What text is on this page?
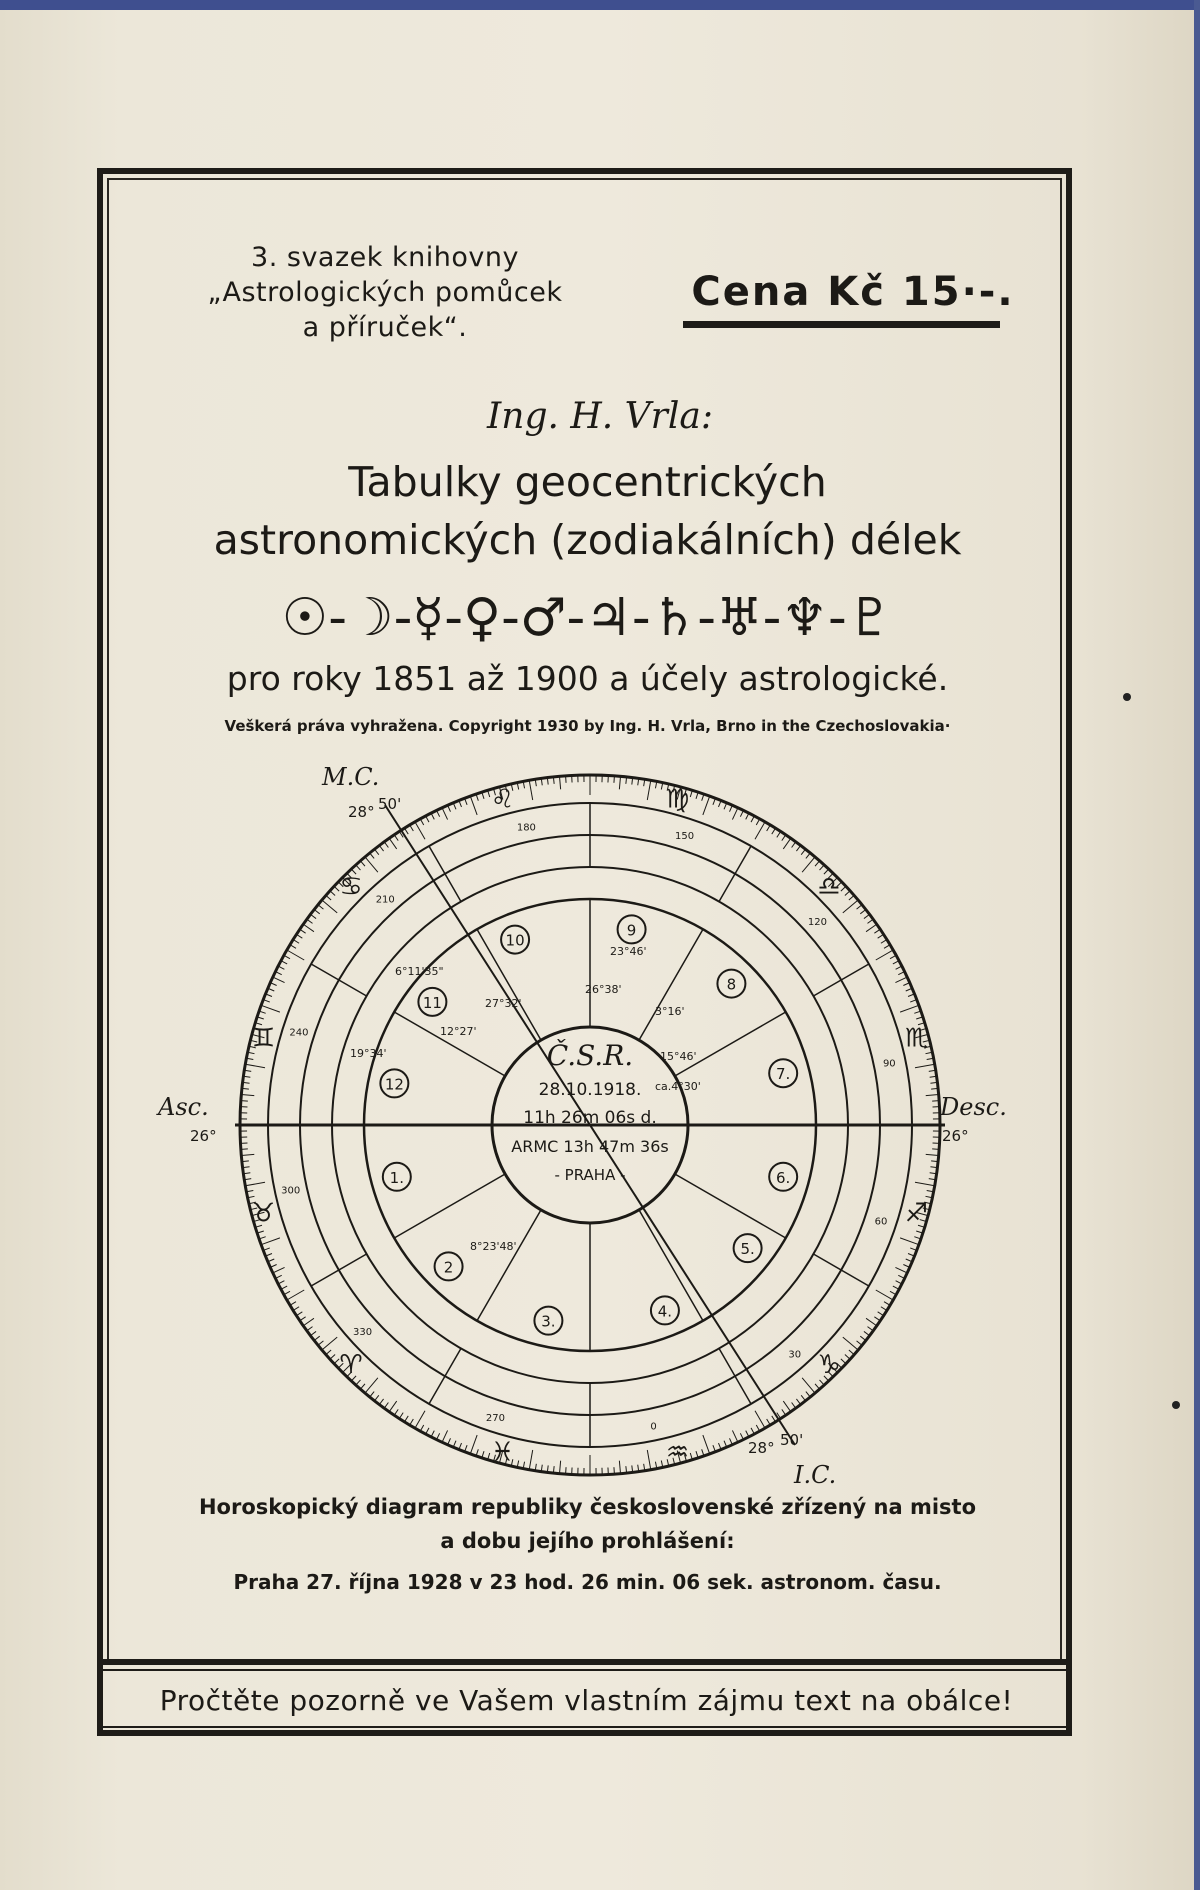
3. svazek knihovny
„Astrologických pomůcek
a příruček“.
Cena Kč 15·-.
Ing. H. Vrla:
Tabulky geocentrických
astronomických (zodiakálních) délek
☉-☽-☿-♀-♂-♃-♄-♅-♆-♇
pro roky 1851 až 1900 a účely astrologické.
Veškerá práva vyhražena. Copyright 1930 by Ing. H. Vrla, Brno in the Czechoslovakia·
1.
2
3.
4.
5.
6.
7.
8
9
10
11
12
♌	♍
♎
♏
♐
♑
♒
♓
♈
♉
♊
♋
180
150
120
90
60
30
0
270
330
300
240
210
23°46'
26°38'
3°16'
15°46'
ca.4°30'
6°11'35"
27°32'
12°27'
19°34'
8°23'48'
Č.S.R.
28.10.1918.
11h 26m 06s d.
ARMC 13h 47m 36s
- PRAHA -
Asc.
26°
Desc.
26°
M.C.
28° 50'
I.C.
28° 50'
Horoskopický diagram republiky československé zřízený na misto
a dobu jejího prohlášení:
Praha 27. října 1928 v 23 hod. 26 min. 06 sek. astronom. času.
Pročtěte pozorně ve Vašem vlastním zájmu text na obálce!
